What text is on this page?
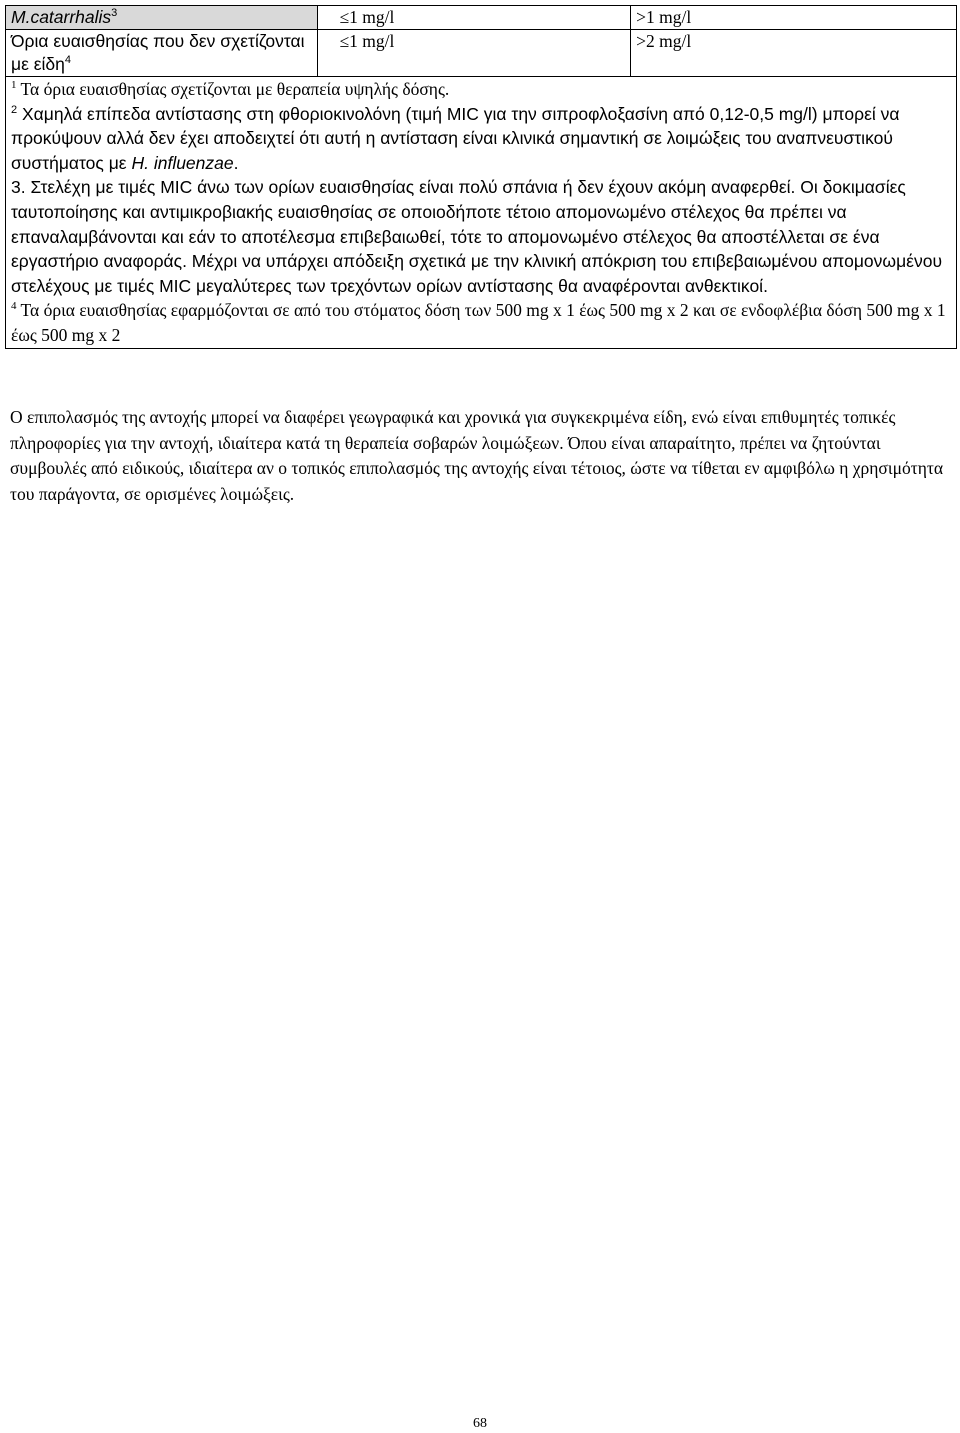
M.catarrhalis$^3$	≤1 mg/l	>1 mg/l
Όρια ευαισθησίας που δεν σχετίζονται με είδη$^4$	≤1 mg/l	>2 mg/l

$^1$ Τα όρια ευαισθησίας σχετίζονται με θεραπεία υψηλής δόσης.

$^2$ Χαμηλά επίπεδα αντίστασης στη φθοριοκινολόνη (τιμή MIC για την σιπροφλοξασίνη από 0,12-0,5 mg/l) μπορεί να προκύψουν αλλά δεν έχει αποδειχτεί ότι αυτή η αντίσταση είναι κλινικά σημαντική σε λοιμώξεις του αναπνευστικού συστήματος με H. influenzae.

3. Στελέχη με τιμές MIC άνω των ορίων ευαισθησίας είναι πολύ σπάνια ή δεν έχουν ακόμη αναφερθεί. Οι δοκιμασίες ταυτοποίησης και αντιμικροβιακής ευαισθησίας σε οποιοδήποτε τέτοιο απομονωμένο στέλεχος θα πρέπει να επαναλαμβάνονται και εάν το αποτέλεσμα επιβεβαιωθεί, τότε το απομονωμένο στέλεχος θα αποστέλλεται σε ένα εργαστήριο αναφοράς. Μέχρι να υπάρχει απόδειξη σχετικά με την κλινική απόκριση του επιβεβαιωμένου απομονωμένου στελέχους με τιμές MIC μεγαλύτερες των τρεχόντων ορίων αντίστασης θα αναφέρονται ανθεκτικοί.

$^4$ Τα όρια ευαισθησίας εφαρμόζονται σε από του στόματος δόση των 500 mg x 1 έως 500 mg x 2 και σε ενδοφλέβια δόση 500 mg x 1 έως 500 mg x 2		

Ο επιπολασμός της αντοχής μπορεί να διαφέρει γεωγραφικά και χρονικά για συγκεκριμένα είδη, ενώ είναι επιθυμητές τοπικές πληροφορίες για την αντοχή, ιδιαίτερα κατά τη θεραπεία σοβαρών λοιμώξεων. Όπου είναι απαραίτητο, πρέπει να ζητούνται συμβουλές από ειδικούς, ιδιαίτερα αν ο τοπικός επιπολασμός της αντοχής είναι τέτοιος, ώστε να τίθεται εν αμφιβόλω η χρησιμότητα του παράγοντα, σε ορισμένες λοιμώξεις.

68
